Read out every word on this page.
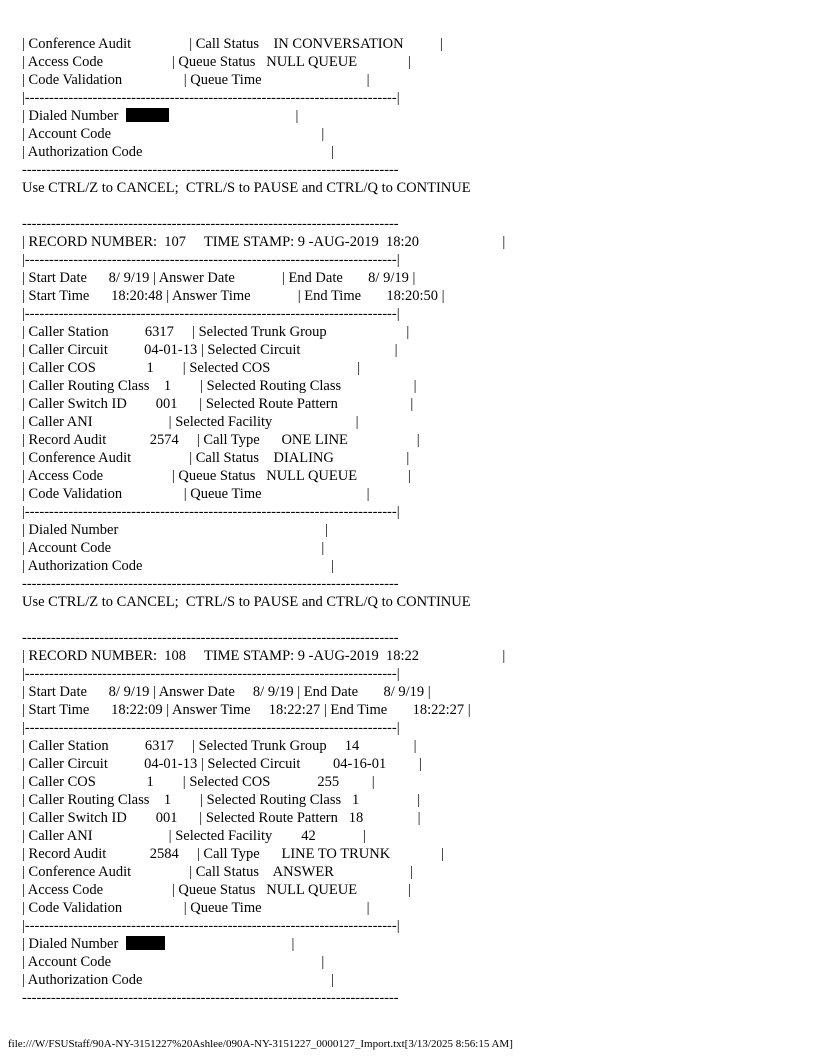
| Conference Audit                | Call Status    IN CONVERSATION          |
| Access Code                   | Queue Status   NULL QUEUE              |
| Code Validation                 | Queue Time                             |
|-----------------------------------------------------------------------------|
| Dialed Number	|
| Account Code                                                          |
| Authorization Code                                                    |
------------------------------------------------------------------------------
Use CTRL/Z to CANCEL;  CTRL/S to PAUSE and CTRL/Q to CONTINUE
------------------------------------------------------------------------------
| RECORD NUMBER:  107     TIME STAMP: 9 -AUG-2019  18:20                       |
|-----------------------------------------------------------------------------|
| Start Date      8/ 9/19 | Answer Date             | End Date       8/ 9/19 |
| Start Time      18:20:48 | Answer Time             | End Time       18:20:50 |
|-----------------------------------------------------------------------------|
| Caller Station          6317     | Selected Trunk Group                      |
| Caller Circuit          04-01-13 | Selected Circuit                          |
| Caller COS              1        | Selected COS                        |
| Caller Routing Class    1        | Selected Routing Class                    |
| Caller Switch ID        001      | Selected Route Pattern                    |
| Caller ANI                     | Selected Facility                       |
| Record Audit            2574     | Call Type      ONE LINE                   |
| Conference Audit                | Call Status    DIALING                    |
| Access Code                   | Queue Status   NULL QUEUE              |
| Code Validation                 | Queue Time                             |
|-----------------------------------------------------------------------------|
| Dialed Number                                                         |
| Account Code                                                          |
| Authorization Code                                                    |
------------------------------------------------------------------------------
Use CTRL/Z to CANCEL;  CTRL/S to PAUSE and CTRL/Q to CONTINUE
------------------------------------------------------------------------------
| RECORD NUMBER:  108     TIME STAMP: 9 -AUG-2019  18:22                       |
|-----------------------------------------------------------------------------|
| Start Date      8/ 9/19 | Answer Date     8/ 9/19 | End Date       8/ 9/19 |
| Start Time      18:22:09 | Answer Time     18:22:27 | End Time       18:22:27 |
|-----------------------------------------------------------------------------|
| Caller Station          6317     | Selected Trunk Group     14               |
| Caller Circuit          04-01-13 | Selected Circuit         04-16-01         |
| Caller COS              1        | Selected COS             255         |
| Caller Routing Class    1        | Selected Routing Class   1                |
| Caller Switch ID        001      | Selected Route Pattern   18               |
| Caller ANI                     | Selected Facility        42             |
| Record Audit            2584     | Call Type      LINE TO TRUNK              |
| Conference Audit                | Call Status    ANSWER                     |
| Access Code                   | Queue Status   NULL QUEUE              |
| Code Validation                 | Queue Time                             |
|-----------------------------------------------------------------------------|
| Dialed Number	|
| Account Code                                                          |
| Authorization Code                                                    |
------------------------------------------------------------------------------
file:///W/FSUStaff/90A-NY-3151227%20Ashlee/090A-NY-3151227_0000127_Import.txt[3/13/2025 8:56:15 AM]
